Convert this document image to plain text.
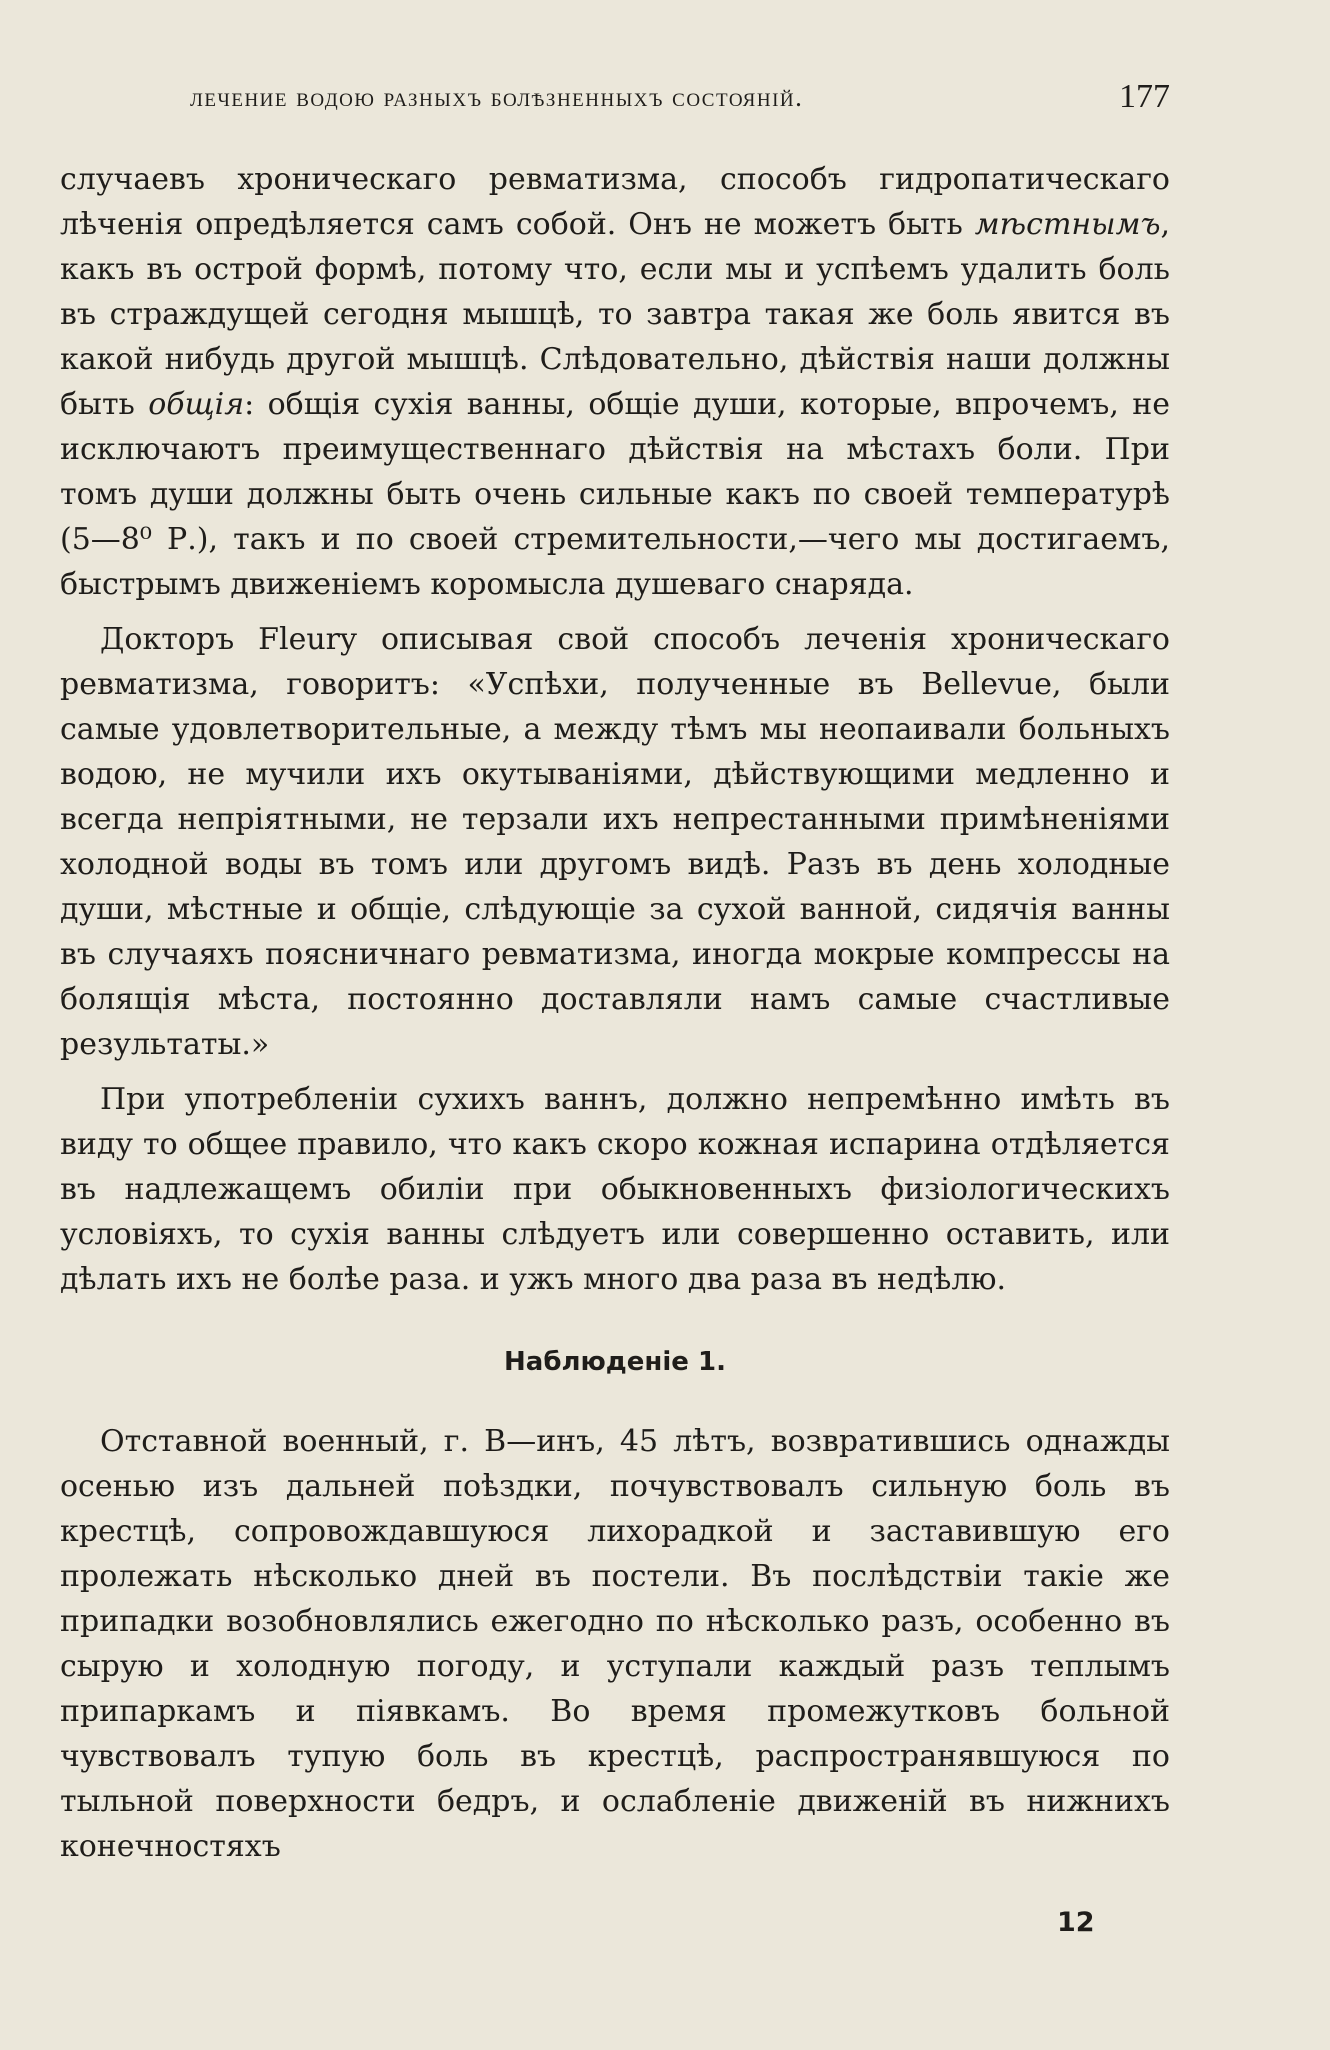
лечение водою разныхъ болѣзненныхъ состояній.	177

случаевъ хроническаго ревматизма, способъ гидропатическаго лѣченія опредѣляется самъ собой. Онъ не можетъ быть мѣстнымъ, какъ въ острой формѣ, потому что, если мы и успѣемъ удалить боль въ страждущей сегодня мышцѣ, то завтра такая же боль явится въ какой нибудь другой мышцѣ. Слѣдовательно, дѣйствія наши должны быть общія: общія сухія ванны, общіе души, которые, впрочемъ, не исключаютъ преимущественнаго дѣйствія на мѣстахъ боли. При томъ души должны быть очень сильные какъ по своей температурѣ (5—8⁰ Р.), такъ и по своей стремительности,—чего мы достигаемъ, быстрымъ движеніемъ коромысла душеваго снаряда.

Докторъ Fleury описывая свой способъ леченія хроническаго ревматизма, говоритъ: «Успѣхи, полученные въ Bellevue, были самые удовлетворительные, а между тѣмъ мы неопаивали больныхъ водою, не мучили ихъ окутываніями, дѣйствующими медленно и всегда непріятными, не терзали ихъ непрестанными примѣненіями холодной воды въ томъ или другомъ видѣ. Разъ въ день холодные души, мѣстные и общіе, слѣдующіе за сухой ванной, сидячія ванны въ случаяхъ поясничнаго ревматизма, иногда мокрые компрессы на болящія мѣста, постоянно доставляли намъ самые счастливые результаты.»

При употребленіи сухихъ ваннъ, должно непремѣнно имѣть въ виду то общее правило, что какъ скоро кожная испарина отдѣляется въ надлежащемъ обиліи при обыкновенныхъ физіологическихъ условіяхъ, то сухія ванны слѣдуетъ или совершенно оставить, или дѣлать ихъ не болѣе раза. и ужъ много два раза въ недѣлю.

Наблюденіе 1.

Отставной военный, г. В—инъ, 45 лѣтъ, возвратившись однажды осенью изъ дальней поѣздки, почувствовалъ сильную боль въ крестцѣ, сопровождавшуюся лихорадкой и заставившую его пролежать нѣсколько дней въ постели. Въ послѣдствіи такіе же припадки возобновлялись ежегодно по нѣсколько разъ, особенно въ сырую и холодную погоду, и уступали каждый разъ теплымъ припаркамъ и піявкамъ. Во время промежутковъ больной чувствовалъ тупую боль въ крестцѣ, распространявшуюся по тыльной поверхности бедръ, и ослабленіе движеній въ нижнихъ конечностяхъ

12
